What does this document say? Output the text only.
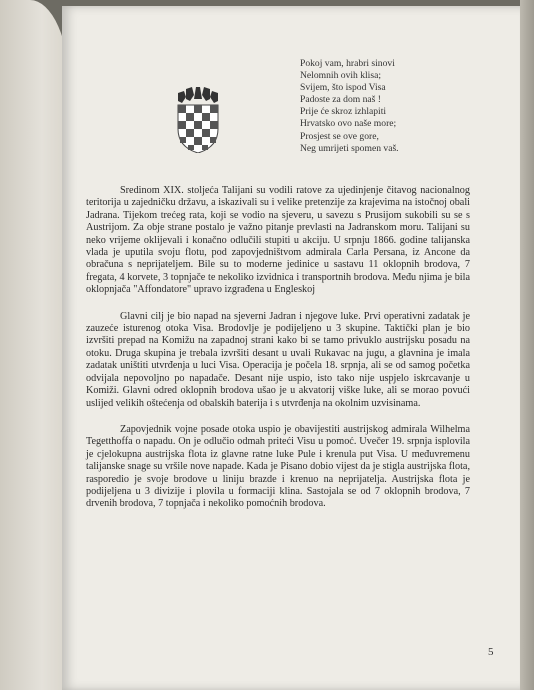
Pokoj vam, hrabri sinovi
Nelomnih ovih klisa;
Svijem, što ispod Visa
Padoste za dom naš !
Prije će skroz izhlapiti
Hrvatsko ovo naše more;
Prosjest se ove gore,
Neg umrijeti spomen vaš.

Sredinom XIX. stoljeća Talijani su vodili ratove za ujedinjenje čitavog nacionalnog teritorija u zajedničku državu, a iskazivali su i velike pretenzije za krajevima na istočnoj obali Jadrana. Tijekom trećeg rata, koji se vodio na sjeveru, u savezu s Prusijom sukobili su se s Austrijom. Za obje strane postalo je važno pitanje prevlasti na Jadranskom moru. Talijani su neko vrijeme oklijevali i konačno odlučili stupiti u akciju. U srpnju 1866. godine talijanska vlada je uputila svoju flotu, pod zapovjedništvom admirala Carla Persana, iz Ancone da obračuna s neprijateljem. Bile su to moderne jedinice u sastavu 11 oklopnih brodova, 7 fregata, 4 korvete, 3 topnjače te nekoliko izvidnica i transportnih brodova. Među njima je bila oklopnjača "Affondatore" upravo izgrađena u Engleskoj

Glavni cilj je bio napad na sjeverni Jadran i njegove luke. Prvi operativni zadatak je zauzeće isturenog otoka Visa. Brodovlje je podijeljeno u 3 skupine. Taktički plan je bio izvršiti prepad na Komižu na zapadnoj strani kako bi se tamo privuklo austrijsku posadu na otoku. Druga skupina je trebala izvršiti desant u uvali Rukavac na jugu, a glavnina je imala zadatak uništiti utvrđenja u luci Visa. Operacija je počela 18. srpnja, ali se od samog početka odvijala nepovoljno po napadače. Desant nije uspio, isto tako nije uspjelo iskrcavanje u Komiži. Glavni odred oklopnih brodova ušao je u akvatorij viške luke, ali se morao povući uslijed velikih oštećenja od obalskih baterija i s utvrđenja na okolnim uzvisinama.

Zapovjednik vojne posade otoka uspio je obavijestiti austrijskog admirala Wilhelma Tegetthoffa o napadu. On je odlučio odmah priteći Visu u pomoć. Uvečer 19. srpnja isplovila je cjelokupna austrijska flota iz glavne ratne luke Pule i krenula put Visa. U međuvremenu talijanske snage su vršile nove napade. Kada je Pisano dobio vijest da je stigla austrijska flota, rasporedio je svoje brodove u liniju brazde i krenuo na neprijatelja. Austrijska flota je podijeljena u 3 divizije i plovila u formaciji klina. Sastojala se od 7 oklopnih brodova, 7 drvenih brodova, 7 topnjača i nekoliko pomoćnih brodova.

5
